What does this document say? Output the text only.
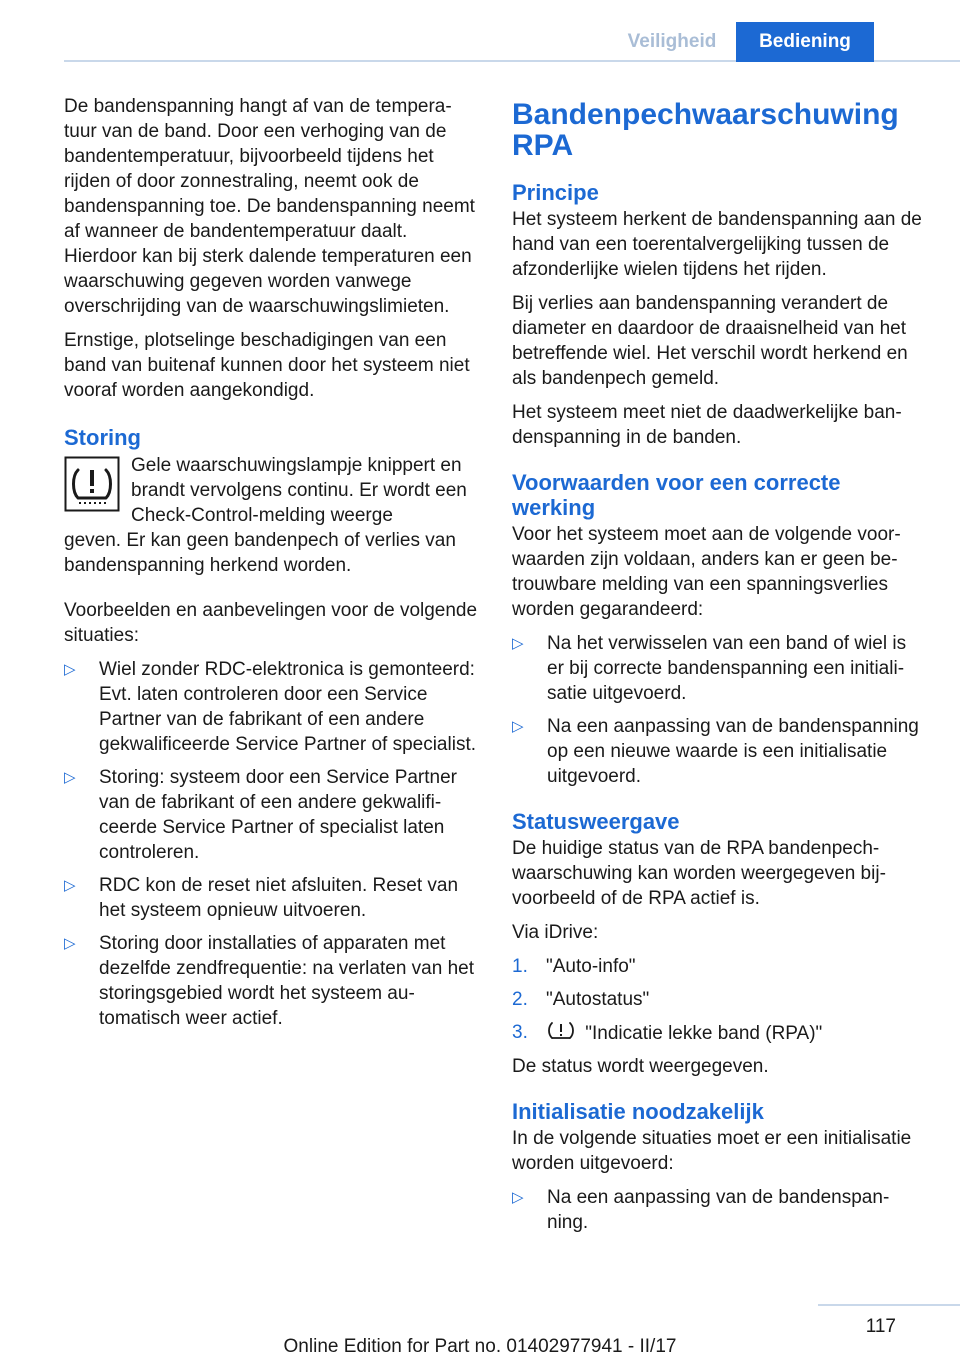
Veiligheid	Bediening

De bandenspanning hangt af van de temperatuur van de band. Door een verhoging van de bandentemperatuur, bijvoorbeeld tijdens het rijden of door zonnestraling, neemt ook de bandenspanning toe. De bandenspanning neemt af wanneer de bandentemperatuur daalt. Hierdoor kan bij sterk dalende temperaturen een waarschuwing gegeven worden vanwege overschrijding van de waarschuwingslimieten.

Ernstige, plotselinge beschadigingen van een band van buitenaf kunnen door het systeem niet vooraf worden aangekondigd.

Storing
Gele waarschuwingslampje knippert en brandt vervolgens continu. Er wordt een Check-Control-melding weerge

geven. Er kan geen bandenpech of verlies van bandenspanning herkend worden.

Voorbeelden en aanbevelingen voor de volgende situaties:

▷ Wiel zonder RDC-elektronica is gemonteerd: Evt. laten controleren door een Service Partner van de fabrikant of een andere gekwalificeerde Service Partner of specialist.
▷ Storing: systeem door een Service Partner van de fabrikant of een andere gekwalificeerde Service Partner of specialist laten controleren.
▷ RDC kon de reset niet afsluiten. Reset van het systeem opnieuw uitvoeren.
▷ Storing door installaties of apparaten met dezelfde zendfrequentie: na verlaten van het storingsgebied wordt het systeem automatisch weer actief.
Bandenpechwaarschuwing RPA
Principe

Het systeem herkent de bandenspanning aan de hand van een toerentalvergelijking tussen de afzonderlijke wielen tijdens het rijden.

Bij verlies aan bandenspanning verandert de diameter en daardoor de draaisnelheid van het betreffende wiel. Het verschil wordt herkend en als bandenpech gemeld.

Het systeem meet niet de daadwerkelijke bandenspanning in de banden.

Voorwaarden voor een correcte werking

Voor het systeem moet aan de volgende voorwaarden zijn voldaan, anders kan er geen betrouwbare melding van een spanningsverlies worden gegarandeerd:

▷ Na het verwisselen van een band of wiel is er bij correcte bandenspanning een initialisatie uitgevoerd.
▷ Na een aanpassing van de bandenspanning op een nieuwe waarde is een initialisatie uitgevoerd.
Statusweergave

De huidige status van de RPA bandenpechwaarschuwing kan worden weergegeven bijvoorbeeld of de RPA actief is.

Via iDrive:

1. "Auto-info"
2. "Autostatus"
3.	"Indicatie lekke band (RPA)"

De status wordt weergegeven.

Initialisatie noodzakelijk

In de volgende situaties moet er een initialisatie worden uitgevoerd:

▷ Na een aanpassing van de bandenspanning.
117
Online Edition for Part no. 01402977941 - II/17
